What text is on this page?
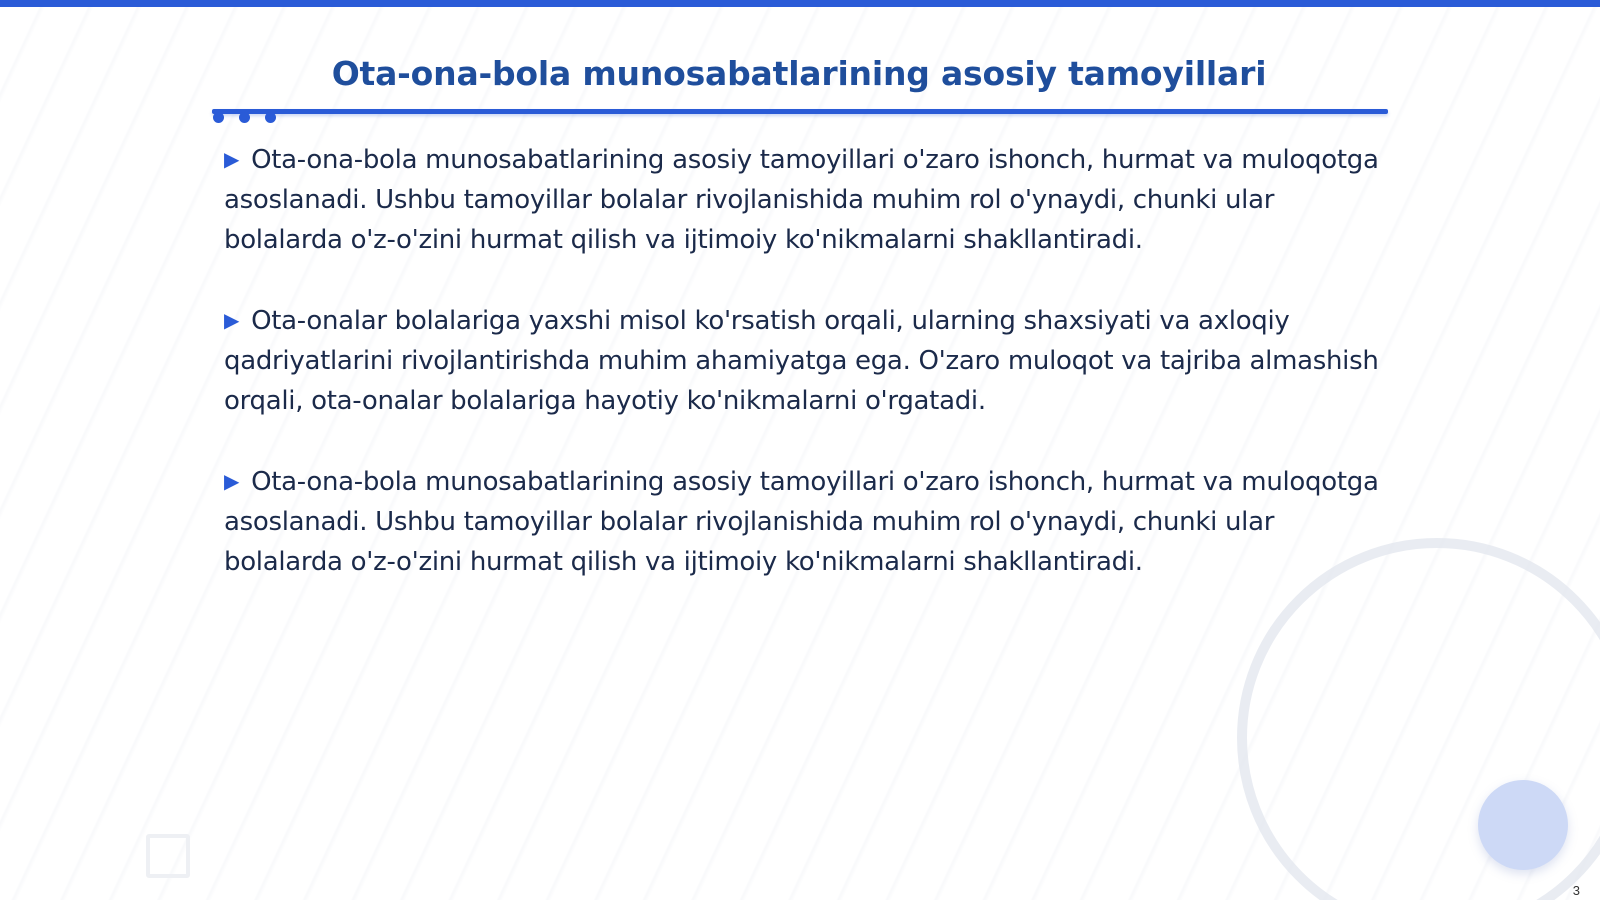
Ota-ona-bola munosabatlarining asosiy tamoyillari

▶ Ota-ona-bola munosabatlarining asosiy tamoyillari o'zaro ishonch, hurmat va muloqotga asoslanadi. Ushbu tamoyillar bolalar rivojlanishida muhim rol o'ynaydi, chunki ular bolalarda o'z-o'zini hurmat qilish va ijtimoiy ko'nikmalarni shakllantiradi.

▶ Ota-onalar bolalariga yaxshi misol ko'rsatish orqali, ularning shaxsiyati va axloqiy qadriyatlarini rivojlantirishda muhim ahamiyatga ega. O'zaro muloqot va tajriba almashish orqali, ota-onalar bolalariga hayotiy ko'nikmalarni o'rgatadi.

▶ Ota-ona-bola munosabatlarining asosiy tamoyillari o'zaro ishonch, hurmat va muloqotga asoslanadi. Ushbu tamoyillar bolalar rivojlanishida muhim rol o'ynaydi, chunki ular bolalarda o'z-o'zini hurmat qilish va ijtimoiy ko'nikmalarni shakllantiradi.

3
